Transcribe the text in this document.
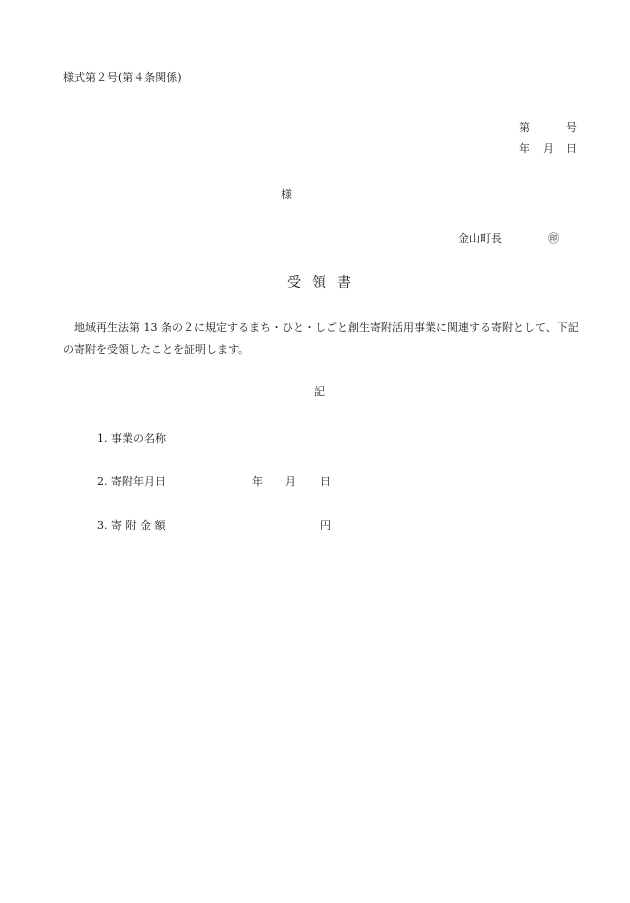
様式第２号(第４条関係)
第	号
年 月 日
様
金山町長	㊞
受領書
地域再生法第 13 条の２に規定するまち・ひと・しごと創生寄附活用事業に関連する寄附として、下記の寄附を受領したことを証明します。
記
1. 事業の名称
2. 寄附年月日
3. 寄 附 金 額
年 月 日
円
